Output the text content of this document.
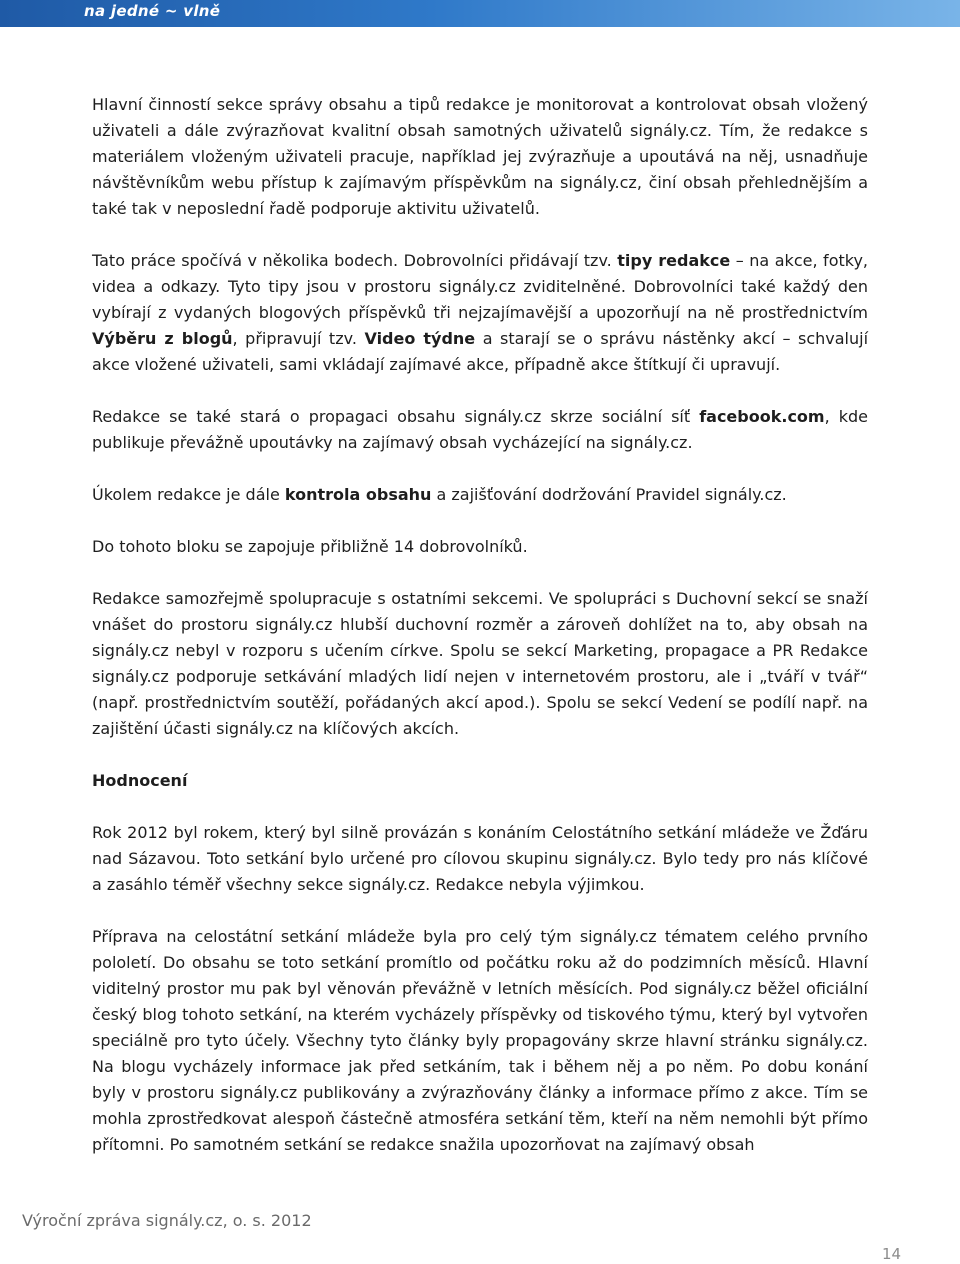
na jedné ~ vlně

Hlavní činností sekce správy obsahu a tipů redakce je monitorovat a kontrolovat obsah vložený uživateli a dále zvýrazňovat kvalitní obsah samotných uživatelů signály.cz. Tím, že redakce s materiálem vloženým uživateli pracuje, například jej zvýrazňuje a upoutává na něj, usnadňuje návštěvníkům webu přístup k zajímavým příspěvkům na signály.cz, činí obsah přehlednějším a také tak v neposlední řadě podporuje aktivitu uživatelů.

Tato práce spočívá v několika bodech. Dobrovolníci přidávají tzv. tipy redakce – na akce, fotky, videa a odkazy. Tyto tipy jsou v prostoru signály.cz zviditelněné. Dobrovolníci také každý den vybírají z vydaných blogových příspěvků tři nejzajímavější a upozorňují na ně prostřednictvím Výběru z blogů, připravují tzv. Video týdne a starají se o správu nástěnky akcí – schvalují akce vložené uživateli, sami vkládají zajímavé akce, případně akce štítkují či upravují.

Redakce se také stará o propagaci obsahu signály.cz skrze sociální síť facebook.com, kde publikuje převážně upoutávky na zajímavý obsah vycházející na signály.cz.

Úkolem redakce je dále kontrola obsahu a zajišťování dodržování Pravidel signály.cz.

Do tohoto bloku se zapojuje přibližně 14 dobrovolníků.

Redakce samozřejmě spolupracuje s ostatními sekcemi. Ve spolupráci s Duchovní sekcí se snaží vnášet do prostoru signály.cz hlubší duchovní rozměr a zároveň dohlížet na to, aby obsah na signály.cz nebyl v rozporu s učením církve. Spolu se sekcí Marketing, propagace a PR Redakce signály.cz podporuje setkávání mladých lidí nejen v internetovém prostoru, ale i „tváří v tvář“ (např. prostřednictvím soutěží, pořádaných akcí apod.). Spolu se sekcí Vedení se podílí např. na zajištění účasti signály.cz na klíčových akcích.

Hodnocení

Rok 2012 byl rokem, který byl silně provázán s konáním Celostátního setkání mládeže ve Žďáru nad Sázavou. Toto setkání bylo určené pro cílovou skupinu signály.cz. Bylo tedy pro nás klíčové a zasáhlo téměř všechny sekce signály.cz. Redakce nebyla výjimkou.

Příprava na celostátní setkání mládeže byla pro celý tým signály.cz tématem celého prvního pololetí. Do obsahu se toto setkání promítlo od počátku roku až do podzimních měsíců. Hlavní viditelný prostor mu pak byl věnován převážně v letních měsících. Pod signály.cz běžel oficiální český blog tohoto setkání, na kterém vycházely příspěvky od tiskového týmu, který byl vytvořen speciálně pro tyto účely. Všechny tyto články byly propagovány skrze hlavní stránku signály.cz. Na blogu vycházely informace jak před setkáním, tak i během něj a po něm. Po dobu konání byly v prostoru signály.cz publikovány a zvýrazňovány články a informace přímo z akce. Tím se mohla zprostředkovat alespoň částečně atmosféra setkání těm, kteří na něm nemohli být přímo přítomni. Po samotném setkání se redakce snažila upozorňovat na zajímavý obsah

Výroční zpráva signály.cz, o. s. 2012
14
